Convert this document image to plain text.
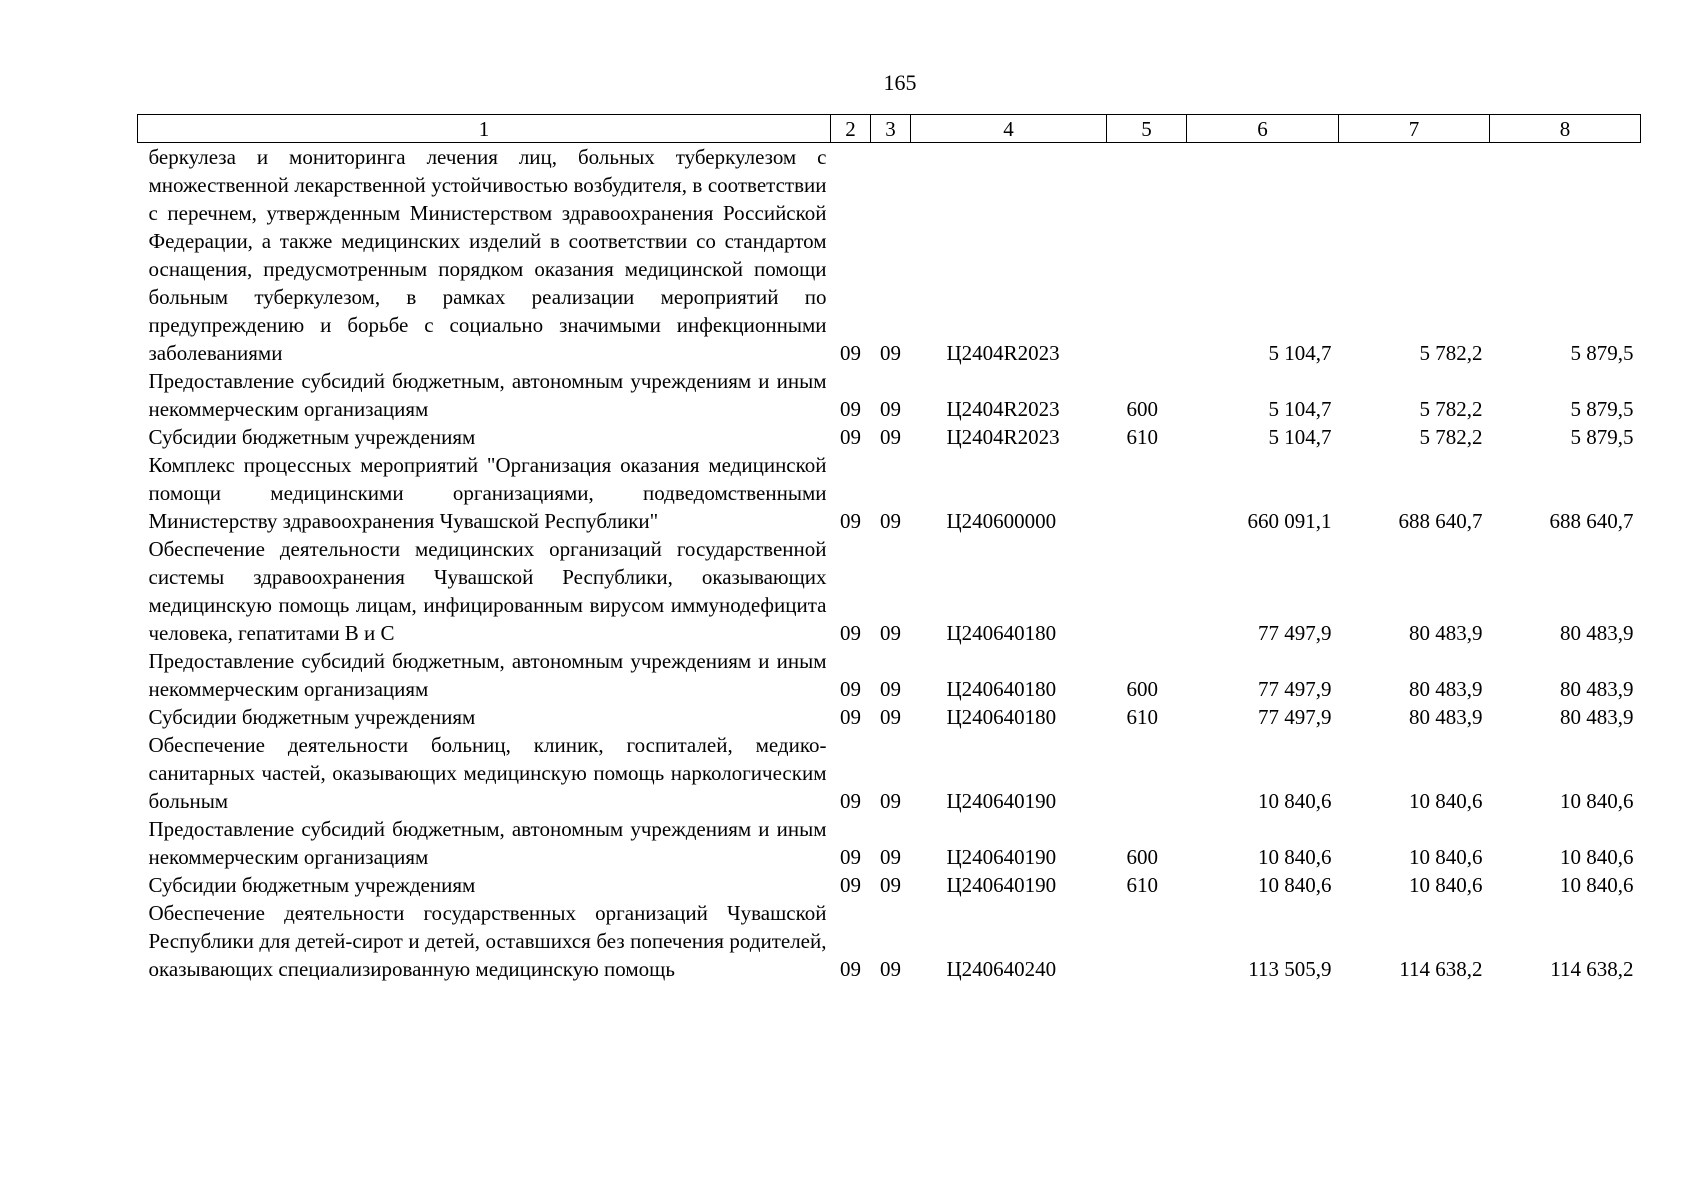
165
1	2	3	4	5	6	7	8
беркулеза и мониторинга лечения лиц, больных туберкулезом с множественной лекарственной устойчивостью возбудителя, в соответствии с перечнем, утвержденным Министерством здравоохранения Российской Федерации, а также медицинских изделий в соответствии со стандартом оснащения, предусмотренным порядком оказания медицинской помощи больным туберкулезом, в рамках реализации мероприятий по предупреждению и борьбе с социально значимыми инфекционными заболеваниями	09	09	Ц2404R2023		5 104,7	5 782,2	5 879,5
Предоставление субсидий бюджетным, автономным учреждениям и иным некоммерческим организациям	09	09	Ц2404R2023	600	5 104,7	5 782,2	5 879,5
Субсидии бюджетным учреждениям	09	09	Ц2404R2023	610	5 104,7	5 782,2	5 879,5
Комплекс процессных мероприятий "Организация оказания медицинской помощи медицинскими организациями, подведомственными Министерству здравоохранения Чувашской Республики"	09	09	Ц240600000		660 091,1	688 640,7	688 640,7
Обеспечение деятельности медицинских организаций государственной системы здравоохранения Чувашской Республики, оказывающих медицинскую помощь лицам, инфицированным вирусом иммунодефицита человека, гепатитами B и C	09	09	Ц240640180		77 497,9	80 483,9	80 483,9
Предоставление субсидий бюджетным, автономным учреждениям и иным некоммерческим организациям	09	09	Ц240640180	600	77 497,9	80 483,9	80 483,9
Субсидии бюджетным учреждениям	09	09	Ц240640180	610	77 497,9	80 483,9	80 483,9
Обеспечение деятельности больниц, клиник, госпиталей, медико-санитарных частей, оказывающих медицинскую помощь наркологическим больным	09	09	Ц240640190		10 840,6	10 840,6	10 840,6
Предоставление субсидий бюджетным, автономным учреждениям и иным некоммерческим организациям	09	09	Ц240640190	600	10 840,6	10 840,6	10 840,6
Субсидии бюджетным учреждениям	09	09	Ц240640190	610	10 840,6	10 840,6	10 840,6
Обеспечение деятельности государственных организаций Чувашской Республики для детей-сирот и детей, оставшихся без попечения родителей, оказывающих специализированную медицинскую помощь	09	09	Ц240640240		113 505,9	114 638,2	114 638,2
